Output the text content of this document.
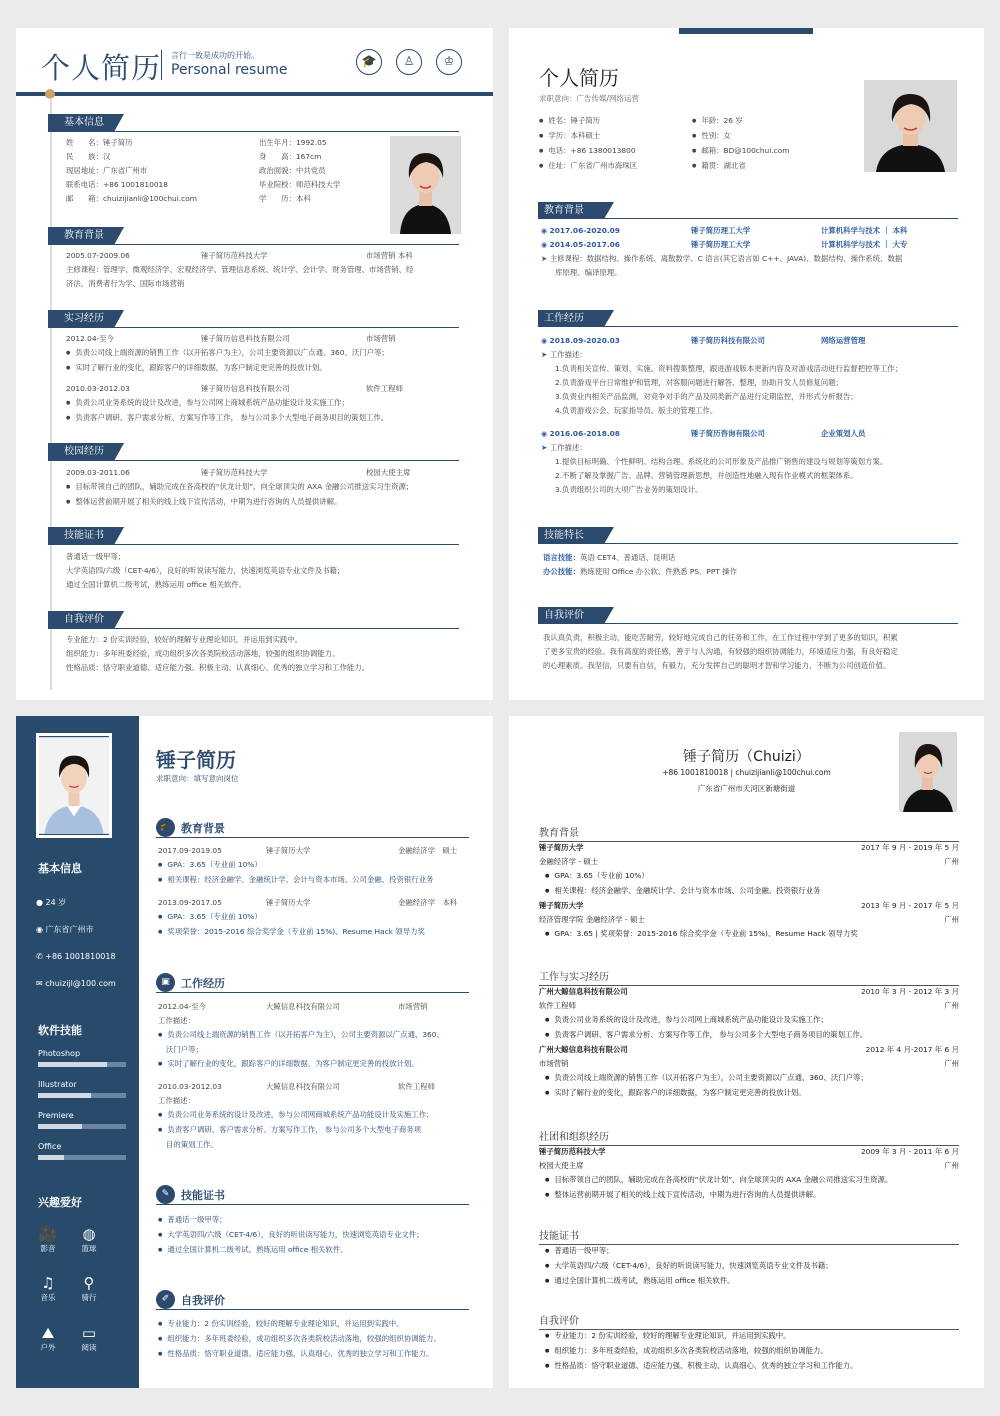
个人简历 言行一致是成功的开始。
Personal resume
🎓	♙	♔
基本信息
姓　　名：锤子简历
民　　族：汉
现居地址：广东省广州市
联系电话：+86 1001810018
邮　　箱：chuizijianli@100chui.com
出生年月：1992.05
身　　高：167cm
政治面貌：中共党员
毕业院校：师范科技大学
学　　历：本科
教育背景
2005.07-2009.06	锤子简历范科技大学	市场营销 本科
主修课程：管理学、微观经济学、宏观经济学、管理信息系统、统计学、会计学、财务管理、市场营销、经
济法、消费者行为学、国际市场营销
实习经历
2012.04-至今	锤子简历信息科技有限公司	市场营销
● 负责公司线上端资源的销售工作（以开拓客户为主），公司主要资源以广点通、360、沃门户等；
● 实时了解行业的变化，跟踪客户的详细数据，为客户制定更完善的投放计划。
2010.03-2012.03	锤子简历信息科技有限公司	软件工程师
● 负责公司业务系统的设计及改进，参与公司网上商城系统产品功能设计及实施工作；
● 负责客户调研、客户需求分析、方案写作等工作， 参与公司多个大型电子商务项目的策划工作。
校园经历
2009.03-2011.06	锤子简历范科技大学	校园大使主席
● 目标带领自己的团队，辅助完成在各高校的“伏龙计划”，向全球顶尖的 AXA 金融公司推送实习生资源；
● 整体运营前期开展了相关的线上线下宣传活动，中期为进行咨询的人员提供讲解。
技能证书
普通话一级甲等；
大学英语四/六级（CET-4/6），良好的听说读写能力，快速浏览英语专业文件及书籍；
通过全国计算机二级考试，熟练运用 office 相关软件。
自我评价
专业能力：2 份实训经验，较好的理解专业理论知识，并运用到实践中。
组织能力：多年班委经验，成功组织多次各类院校活动落地，较强的组织协调能力。
性格品质：恪守职业道德、适应能力强、积极主动、认真细心、优秀的独立学习和工作能力。
个人简历
求职意向：广告传媒/网络运营
● 姓名：锤子简历
● 学历：本科硕士
● 电话：+86 1380013800
● 住址：广东省广州市海珠区
● 年龄：26 岁
● 性别：女
● 邮箱：BD@100chui.com
● 籍贯：湖北省
教育背景
◉ 2017.06-2020.09	锤子简历理工大学	计算机科学与技术 ｜ 本科
◉ 2014.05-2017.06	锤子简历理工大学	计算机科学与技术 ｜ 大专
➤ 主修课程：数据结构、操作系统、离散数学、C 语言(其它语言如 C++、JAVA)、数据结构、操作系统、数据
库原理、编译原理。
工作经历
◉ 2018.09-2020.03	锤子简历科技有限公司	网络运营管理
➤ 工作描述：
1.负责相关宣传、策划、实施、资料搜集整理，跟进游戏版本更新内容及对游戏活动进行监督把控等工作；
2.负责游戏平台日常维护和管理，对客服问题进行解答、整理，协助开发人员修复问题；
3.负责业内相关产品监测，对竞争对手的产品及同类新产品进行定期监控，并形式分析报告；
4.负责游戏公会、玩家指导员、版主的管理工作。
◉ 2016.06-2018.08	锤子简历咨询有限公司	企业策划人员
➤ 工作描述：
1.提供目标明确、个性鲜明、结构合理、系统化的公司形象及产品推广销售的建设与规划等策划方案。
2.不断了解及掌握广告、品牌、营销管理新思想，并创造性地融入现有作业模式的框架体系。
3.负责组织公司的大项广告业务的策划设计。
技能特长
语言技能：英语 CET4、普通话、昆明话
办公技能：熟练使用 Office 办公软、件熟悉 PS、PPT 操作
自我评价
我认真负责，积极主动，能吃苦耐劳，较好地完成自己的任务和工作，在工作过程中学到了更多的知识，积累
了更多宝贵的经验。我有高度的责任感，善于与人沟通，有较强的组织协调能力，环境适应力强，有良好稳定
的心理素质。我坚信，只要有自信，有毅力，充分发挥自己的聪明才智和学习能力，不断为公司创造价值。
基本信息
● 24 岁
◉ 广东省广州市
✆ +86 1001810018
✉ chuizijl@100.com
软件技能
Photoshop
Illustrator
Premiere
Office
兴趣爱好
🎥
影音
◍
篮球
♫
音乐
⚲
骑行
⛰
户外
▭
阅读
锤子简历
求职意向：填写意向岗位
🎓 教育背景
2017.09-2019.05	锤子简历大学	金融经济学　硕士
● GPA：3.65（专业前 10%）
● 相关课程：经济金融学、金融统计学、会计与资本市场、公司金融、投资银行业务
2013.09-2017.05	锤子简历大学	金融经济学　本科
● GPA：3.65（专业前 10%）
● 奖项荣誉：2015-2016 综合奖学金（专业前 15%)、Resume Hack 领导力奖
▣	工作经历
2012.04-至今	大鲸信息科技有限公司	市场营销
工作描述：
● 负责公司线上端资源的销售工作（以开拓客户为主），公司主要资源以广点通、360、
沃门户等；
● 实时了解行业的变化，跟踪客户的详细数据，为客户制定更完善的投放计划。
2010.03-2012.03	大鲸信息科技有限公司	软件工程师
工作描述：
● 负责公司业务系统的设计及改进，参与公司网商城系统产品功能设计及实施工作；
● 负责客户调研、客户需求分析、方案写作工作， 参与公司多个大型电子商务项
目的策划工作。
✎	技能证书
● 普通话一级甲等；
● 大学英语四/六级（CET-4/6），良好的听说读写能力，快速浏览英语专业文件；
● 通过全国计算机二级考试，熟练运用 office 相关软件。
✐	自我评价
● 专业能力：2 份实训经验，较好的理解专业理论知识，并运用到实践中。
● 组织能力：多年班委经验，成功组织多次各类院校活动落地，较强的组织协调能力。
● 性格品质：恪守职业道德、适应能力强，认真细心、优秀的独立学习和工作能力。
锤子简历（Chuizi）
+86 1001810018 | chuizijianli@100chui.com
广东省广州市天河区新塘街道
教育背景
锤子简历大学	2017 年 9 月 - 2019 年 5 月
金融经济学 - 硕士	广州
● GPA：3.65（专业前 10%）
● 相关课程：经济金融学、金融统计学、会计与资本市场、公司金融、投资银行业务
锤子简历大学	2013 年 9 月 - 2017 年 5 月
经济管理学院 金融经济学 - 硕士	广州
● GPA：3.65 | 奖项荣誉：2015-2016 综合奖学金（专业前 15%)、Resume Hack 领导力奖
工作与实习经历
广州大鲸信息科技有限公司	2010 年 3 月 - 2012 年 3 月
软件工程师	广州
● 负责公司业务系统的设计及改进，参与公司网上商城系统产品功能设计及实施工作；
● 负责客户调研、客户需求分析、方案写作等工作， 参与公司多个大型电子商务项目的策划工作。
广州大鲸信息科技有限公司	2012 年 4 月-2017 年 6 月
市场营销	广州
● 负责公司线上端资源的销售工作（以开拓客户为主），公司主要资源以广点通、360、沃门户等；
● 实时了解行业的变化，跟踪客户的详细数据，为客户制定更完善的投放计划。
社团和组织经历
锤子简历范科技大学	2009 年 3 月 - 2011 年 6 月
校园大使主席	广州
● 目标带领自己的团队，辅助完成在各高校的“伏龙计划”，向全球顶尖的 AXA 金融公司推送实习生资源。
● 整体运营前期开展了相关的线上线下宣传活动，中期为进行咨询的人员提供讲解。
技能证书
● 普通话一级甲等；
● 大学英语四/六级（CET-4/6），良好的听说读写能力，快速浏览英语专业文件及书籍；
● 通过全国计算机二级考试，熟练运用 office 相关软件。
自我评价
● 专业能力：2 份实训经验，较好的理解专业理论知识，并运用到实践中。
● 组织能力：多年班委经验，成功组织多次各类院校活动落地，较强的组织协调能力。
● 性格品质：恪守职业道德、适应能力强、积极主动、认真细心、优秀的独立学习和工作能力。
